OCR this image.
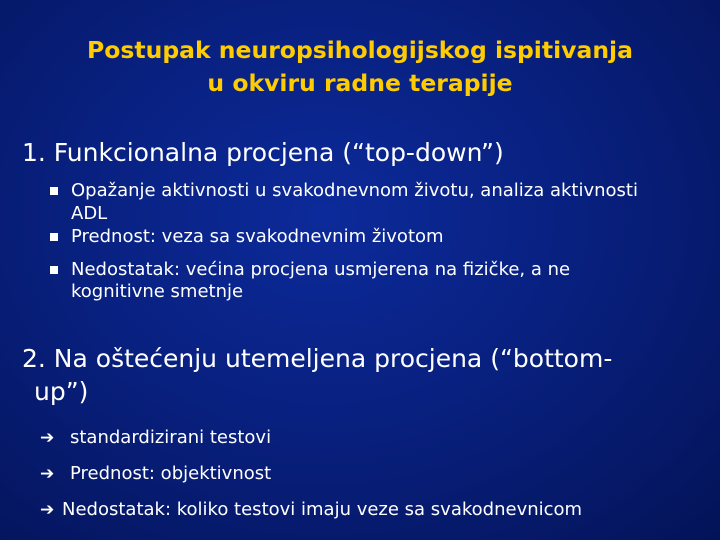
Postupak neuropsihologijskog ispitivanja
u okviru radne terapije
1. Funkcionalna procjena (“top-down”)
Opažanje aktivnosti u svakodnevnom životu, analiza aktivnosti
ADL
Prednost: veza sa svakodnevnim životom
Nedostatak: većina procjena usmjerena na fizičke, a ne
kognitivne smetnje
2. Na oštećenju utemeljena procjena (“bottom-
up”)
➔ standardizirani testovi
➔ Prednost: objektivnost
➔ Nedostatak: koliko testovi imaju veze sa svakodnevnicom
